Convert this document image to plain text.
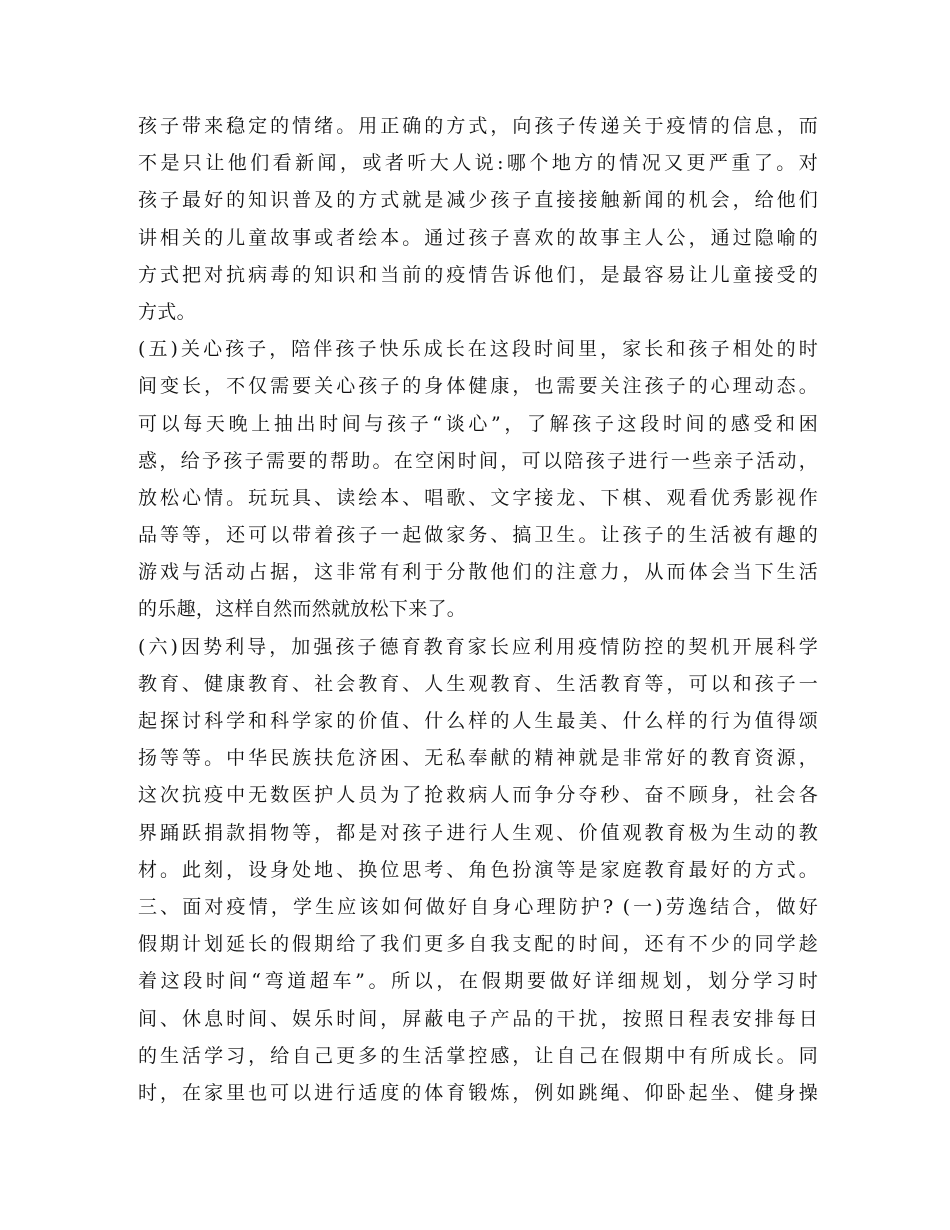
孩子带来稳定的情绪。用正确的方式，向孩子传递关于疫情的信息，而
不是只让他们看新闻，或者听大人说:哪个地方的情况又更严重了。对
孩子最好的知识普及的方式就是减少孩子直接接触新闻的机会，给他们
讲相关的儿童故事或者绘本。通过孩子喜欢的故事主人公，通过隐喻的
方式把对抗病毒的知识和当前的疫情告诉他们，是最容易让儿童接受的
方式。
(五)关心孩子，陪伴孩子快乐成长在这段时间里，家长和孩子相处的时
间变长，不仅需要关心孩子的身体健康，也需要关注孩子的心理动态。
可以每天晚上抽出时间与孩子“谈心”，了解孩子这段时间的感受和困
惑，给予孩子需要的帮助。在空闲时间，可以陪孩子进行一些亲子活动，
放松心情。玩玩具、读绘本、唱歌、文字接龙、下棋、观看优秀影视作
品等等，还可以带着孩子一起做家务、搞卫生。让孩子的生活被有趣的
游戏与活动占据，这非常有利于分散他们的注意力，从而体会当下生活
的乐趣，这样自然而然就放松下来了。
(六)因势利导，加强孩子德育教育家长应利用疫情防控的契机开展科学
教育、健康教育、社会教育、人生观教育、生活教育等，可以和孩子一
起探讨科学和科学家的价值、什么样的人生最美、什么样的行为值得颂
扬等等。中华民族扶危济困、无私奉献的精神就是非常好的教育资源，
这次抗疫中无数医护人员为了抢救病人而争分夺秒、奋不顾身，社会各
界踊跃捐款捐物等，都是对孩子进行人生观、价值观教育极为生动的教
材。此刻，设身处地、换位思考、角色扮演等是家庭教育最好的方式。
三、面对疫情，学生应该如何做好自身心理防护? (一)劳逸结合，做好
假期计划延长的假期给了我们更多自我支配的时间，还有不少的同学趁
着这段时间“弯道超车”。所以，在假期要做好详细规划，划分学习时
间、休息时间、娱乐时间，屏蔽电子产品的干扰，按照日程表安排每日
的生活学习，给自己更多的生活掌控感，让自己在假期中有所成长。同
时，在家里也可以进行适度的体育锻炼，例如跳绳、仰卧起坐、健身操
